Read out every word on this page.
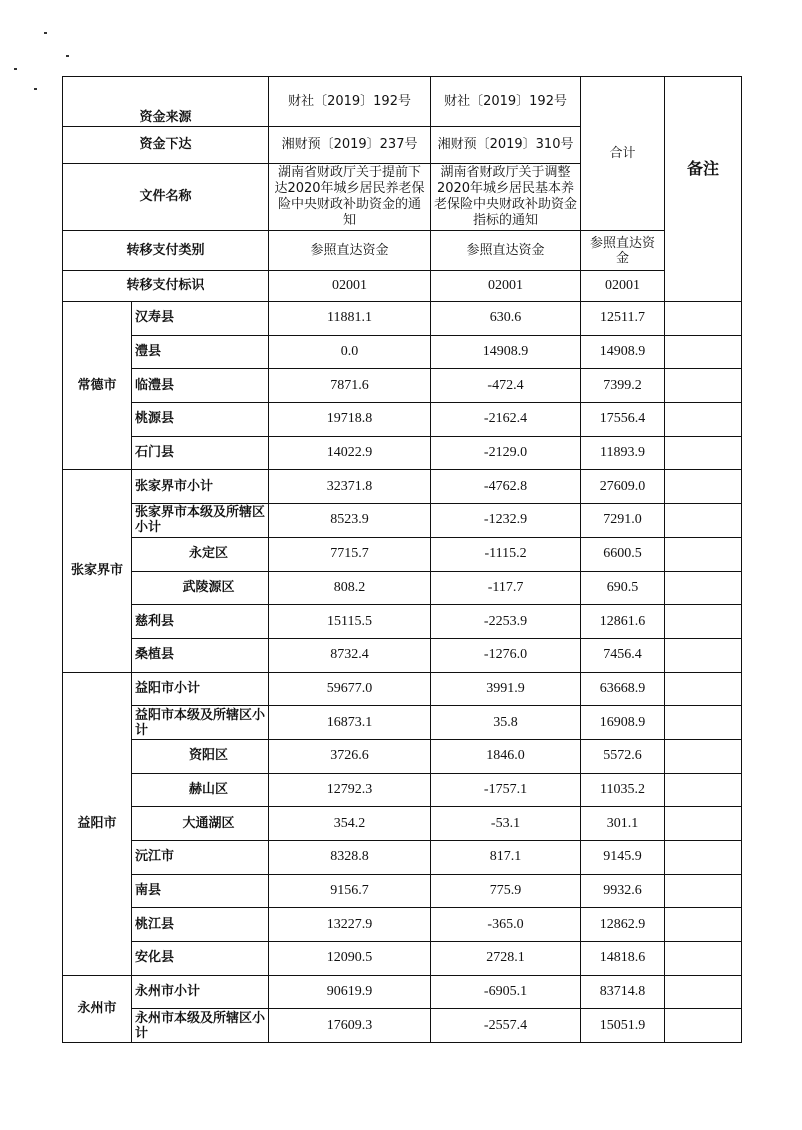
资金来源		财社〔2019〕192号	财社〔2019〕192号	合计	备注
资金下达		湘财预〔2019〕237号	湘财预〔2019〕310号		
文件名称		湖南省财政厅关于提前下达2020年城乡居民养老保险中央财政补助资金的通知	湖南省财政厅关于调整2020年城乡居民基本养老保险中央财政补助资金指标的通知		

转移支付类别		参照直达资金	参照直达资金	参照直达资金	
转移支付标识		02001	02001	02001	
常德市	汉寿县	11881.1	630.6	12511.7	
	澧县	0.0	14908.9	14908.9	
	临澧县	7871.6	-472.4	7399.2	
	桃源县	19718.8	-2162.4	17556.4	
	石门县	14022.9	-2129.0	11893.9	
张家界市	张家界市小计	32371.8	-4762.8	27609.0	
	张家界市本级及所辖区小计	8523.9	-1232.9	7291.0	
	永定区	7715.7	-1115.2	6600.5	
	武陵源区	808.2	-117.7	690.5	
	慈利县	15115.5	-2253.9	12861.6	
	桑植县	8732.4	-1276.0	7456.4	
益阳市	益阳市小计	59677.0	3991.9	63668.9	
	益阳市本级及所辖区小计	16873.1	35.8	16908.9	
	资阳区	3726.6	1846.0	5572.6	
	赫山区	12792.3	-1757.1	11035.2	
	大通湖区	354.2	-53.1	301.1	
	沅江市	8328.8	817.1	9145.9	
	南县	9156.7	775.9	9932.6	
	桃江县	13227.9	-365.0	12862.9	
	安化县	12090.5	2728.1	14818.6	
永州市	永州市小计	90619.9	-6905.1	83714.8	
	永州市本级及所辖区小计	17609.3	-2557.4	15051.9	
